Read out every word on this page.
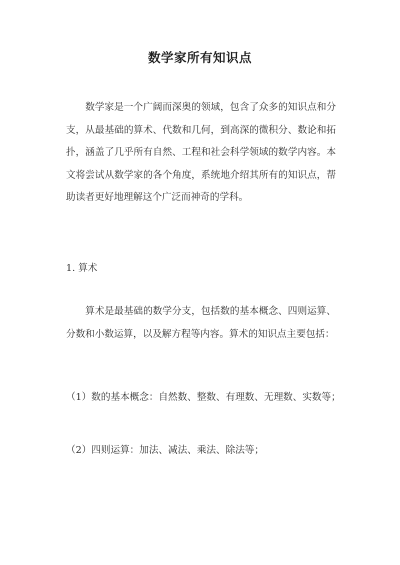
数学家所有知识点

数学家是一个广阔而深奥的领域，包含了众多的知识点和分支，从最基础的算术、代数和几何，到高深的微积分、数论和拓扑，涵盖了几乎所有自然、工程和社会科学领域的数学内容。本文将尝试从数学家的各个角度，系统地介绍其所有的知识点，帮助读者更好地理解这个广泛而神奇的学科。

1. 算术

算术是最基础的数学分支，包括数的基本概念、四则运算、分数和小数运算，以及解方程等内容。算术的知识点主要包括：

（1）数的基本概念：自然数、整数、有理数、无理数、实数等；
（2）四则运算：加法、减法、乘法、除法等；
